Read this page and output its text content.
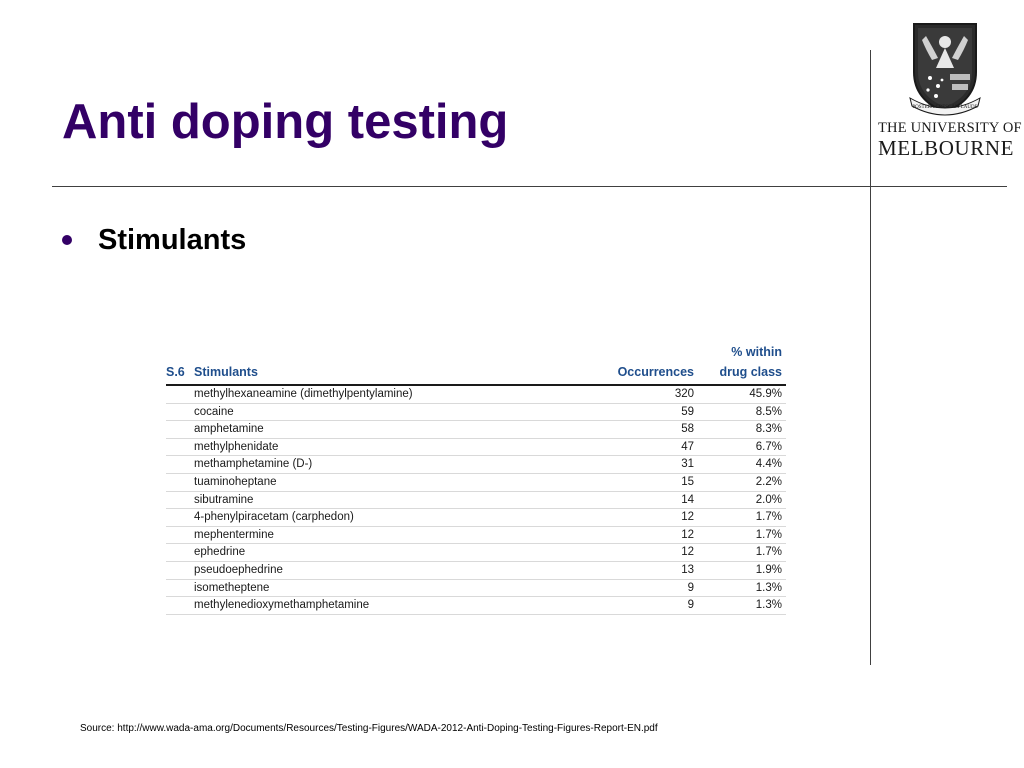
Anti doping testing	POSTERA CRESCAM LAUDE
THE UNIVERSITY OF
MELBOURNE
Stimulants
S.6	Stimulants	Occurrences	% within
drug class
	methylhexaneamine (dimethylpentylamine)	320	45.9%
	cocaine	59	8.5%
	amphetamine	58	8.3%
	methylphenidate	47	6.7%
	methamphetamine (D-)	31	4.4%
	tuaminoheptane	15	2.2%
	sibutramine	14	2.0%
	4-phenylpiracetam (carphedon)	12	1.7%
	mephentermine	12	1.7%
	ephedrine	12	1.7%
	pseudoephedrine	13	1.9%
	isometheptene	9	1.3%
	methylenedioxymethamphetamine	9	1.3%
Source: http://www.wada-ama.org/Documents/Resources/Testing-Figures/WADA-2012-Anti-Doping-Testing-Figures-Report-EN.pdf
